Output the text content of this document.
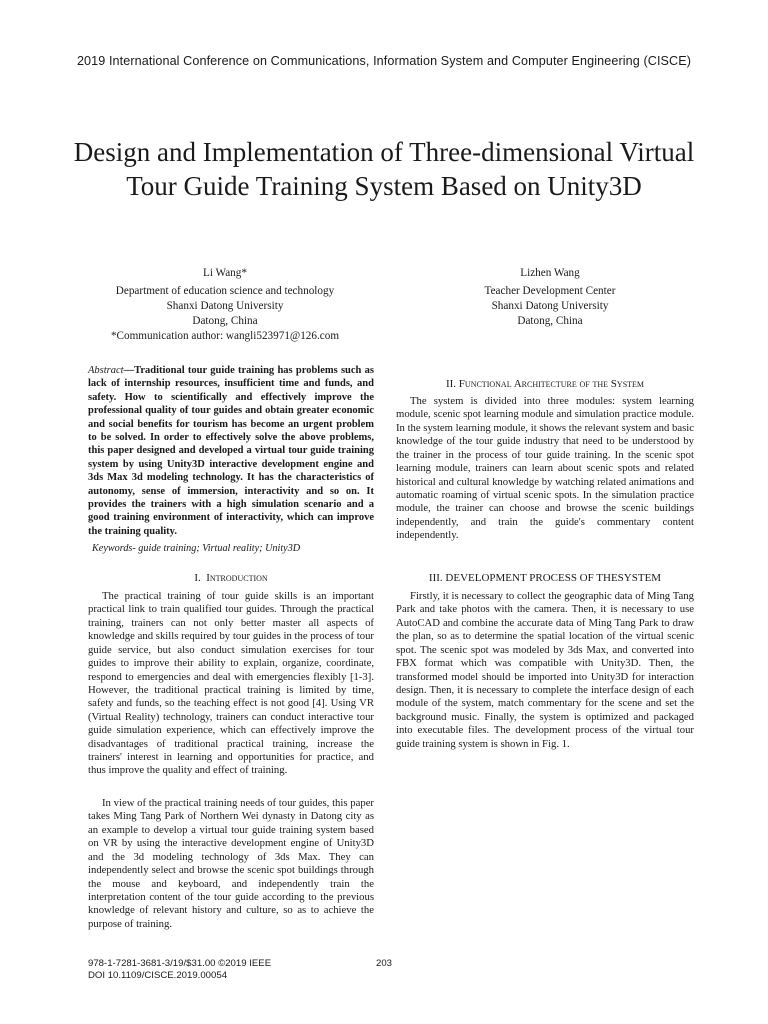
2019 International Conference on Communications, Information System and Computer Engineering (CISCE)
Design and Implementation of Three-dimensional Virtual Tour Guide Training System Based on Unity3D
Li Wang*
Department of education science and technology
Shanxi Datong University
Datong, China
*Communication author: wangli523971@126.com
Lizhen Wang
Teacher Development Center
Shanxi Datong University
Datong, China
Abstract—Traditional tour guide training has problems such as lack of internship resources, insufficient time and funds, and safety. How to scientifically and effectively improve the professional quality of tour guides and obtain greater economic and social benefits for tourism has become an urgent problem to be solved. In order to effectively solve the above problems, this paper designed and developed a virtual tour guide training system by using Unity3D interactive development engine and 3ds Max 3d modeling technology. It has the characteristics of autonomy, sense of immersion, interactivity and so on. It provides the trainers with a high simulation scenario and a good training environment of interactivity, which can improve the training quality.
Keywords- guide training; Virtual reality; Unity3D
I. Introduction
The practical training of tour guide skills is an important practical link to train qualified tour guides. Through the practical training, trainers can not only better master all aspects of knowledge and skills required by tour guides in the process of tour guide service, but also conduct simulation exercises for tour guides to improve their ability to explain, organize, coordinate, respond to emergencies and deal with emergencies flexibly [1-3]. However, the traditional practical training is limited by time, safety and funds, so the teaching effect is not good [4]. Using VR (Virtual Reality) technology, trainers can conduct interactive tour guide simulation experience, which can effectively improve the disadvantages of traditional practical training, increase the trainers' interest in learning and opportunities for practice, and thus improve the quality and effect of training.
In view of the practical training needs of tour guides, this paper takes Ming Tang Park of Northern Wei dynasty in Datong city as an example to develop a virtual tour guide training system based on VR by using the interactive development engine of Unity3D and the 3d modeling technology of 3ds Max. They can independently select and browse the scenic spot buildings through the mouse and keyboard, and independently train the interpretation content of the tour guide according to the previous knowledge of relevant history and culture, so as to achieve the purpose of training.
II. Functional Architecture of the System
The system is divided into three modules: system learning module, scenic spot learning module and simulation practice module. In the system learning module, it shows the relevant system and basic knowledge of the tour guide industry that need to be understood by the trainer in the process of tour guide training. In the scenic spot learning module, trainers can learn about scenic spots and related historical and cultural knowledge by watching related animations and automatic roaming of virtual scenic spots. In the simulation practice module, the trainer can choose and browse the scenic buildings independently, and train the guide's commentary content independently.
III. DEVELOPMENT PROCESS OF THESYSTEM
Firstly, it is necessary to collect the geographic data of Ming Tang Park and take photos with the camera. Then, it is necessary to use AutoCAD and combine the accurate data of Ming Tang Park to draw the plan, so as to determine the spatial location of the virtual scenic spot. The scenic spot was modeled by 3ds Max, and converted into FBX format which was compatible with Unity3D. Then, the transformed model should be imported into Unity3D for interaction design. Then, it is necessary to complete the interface design of each module of the system, match commentary for the scene and set the background music. Finally, the system is optimized and packaged into executable files. The development process of the virtual tour guide training system is shown in Fig. 1.
978-1-7281-3681-3/19/$31.00 ©2019 IEEE
DOI 10.1109/CISCE.2019.00054
203
